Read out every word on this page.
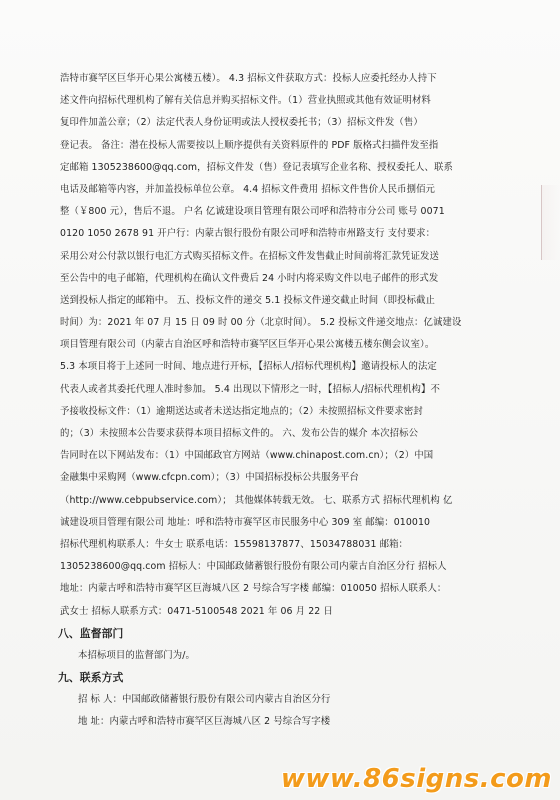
浩特市赛罕区巨华开心果公寓楼五楼）。 4.3 招标文件获取方式：投标人应委托经办人持下
述文件向招标代理机构了解有关信息并购买招标文件。（1）营业执照或其他有效证明材料
复印件加盖公章；（2）法定代表人身份证明或法人授权委托书；（3）招标文件发（售）
登记表。 备注：潜在投标人需要按以上顺序提供有关资料原件的 PDF 版格式扫描件发至指
定邮箱 1305238600@qq.com，招标文件发（售）登记表填写企业名称、授权委托人、联系
电话及邮箱等内容，并加盖投标单位公章。 4.4 招标文件费用 招标文件售价人民币捌佰元
整（￥800 元），售后不退。 户名 亿诚建设项目管理有限公司呼和浩特市分公司 账号 0071
0120 1050 2678 91 开户行：内蒙古银行股份有限公司呼和浩特市州路支行 支付要求：
采用公对公付款以银行电汇方式购买招标文件。在招标文件发售截止时间前将汇款凭证发送
至公告中的电子邮箱，代理机构在确认文件费后 24 小时内将采购文件以电子邮件的形式发
送到投标人指定的邮箱中。 五、投标文件的递交 5.1 投标文件递交截止时间（即投标截止
时间）为：2021 年 07 月 15 日 09 时 00 分（北京时间）。 5.2 投标文件递交地点：亿诚建设
项目管理有限公司（内蒙古自治区呼和浩特市赛罕区巨华开心果公寓楼五楼东侧会议室）。
5.3 本项目将于上述同一时间、地点进行开标，【招标人/招标代理机构】邀请投标人的法定
代表人或者其委托代理人准时参加。 5.4 出现以下情形之一时，【招标人/招标代理机构】不
予接收投标文件：（1）逾期送达或者未送达指定地点的；（2）未按照招标文件要求密封
的；（3）未按照本公告要求获得本项目招标文件的。 六、发布公告的媒介 本次招标公
告同时在以下网站发布：（1）中国邮政官方网站（www.chinapost.com.cn）；（2）中国
金融集中采购网（www.cfcpn.com）；（3）中国招标投标公共服务平台
（http://www.cebpubservice.com）； 其他媒体转载无效。 七、联系方式 招标代理机构 亿
诚建设项目管理有限公司 地址：呼和浩特市赛罕区市民服务中心 309 室 邮编：010010
招标代理机构联系人：牛女士 联系电话：15598137877、15034788031 邮箱：
1305238600@qq.com 招标人：中国邮政储蓄银行股份有限公司内蒙古自治区分行 招标人
地址：内蒙古呼和浩特市赛罕区巨海城八区 2 号综合写字楼 邮编：010050 招标人联系人：
武女士 招标人联系方式：0471-5100548 2021 年 06 月 22 日
八、监督部门
本招标项目的监督部门为/。
九、联系方式
招 标 人：中国邮政储蓄银行股份有限公司内蒙古自治区分行
地 址：内蒙古呼和浩特市赛罕区巨海城八区 2 号综合写字楼
www.86signs.com
